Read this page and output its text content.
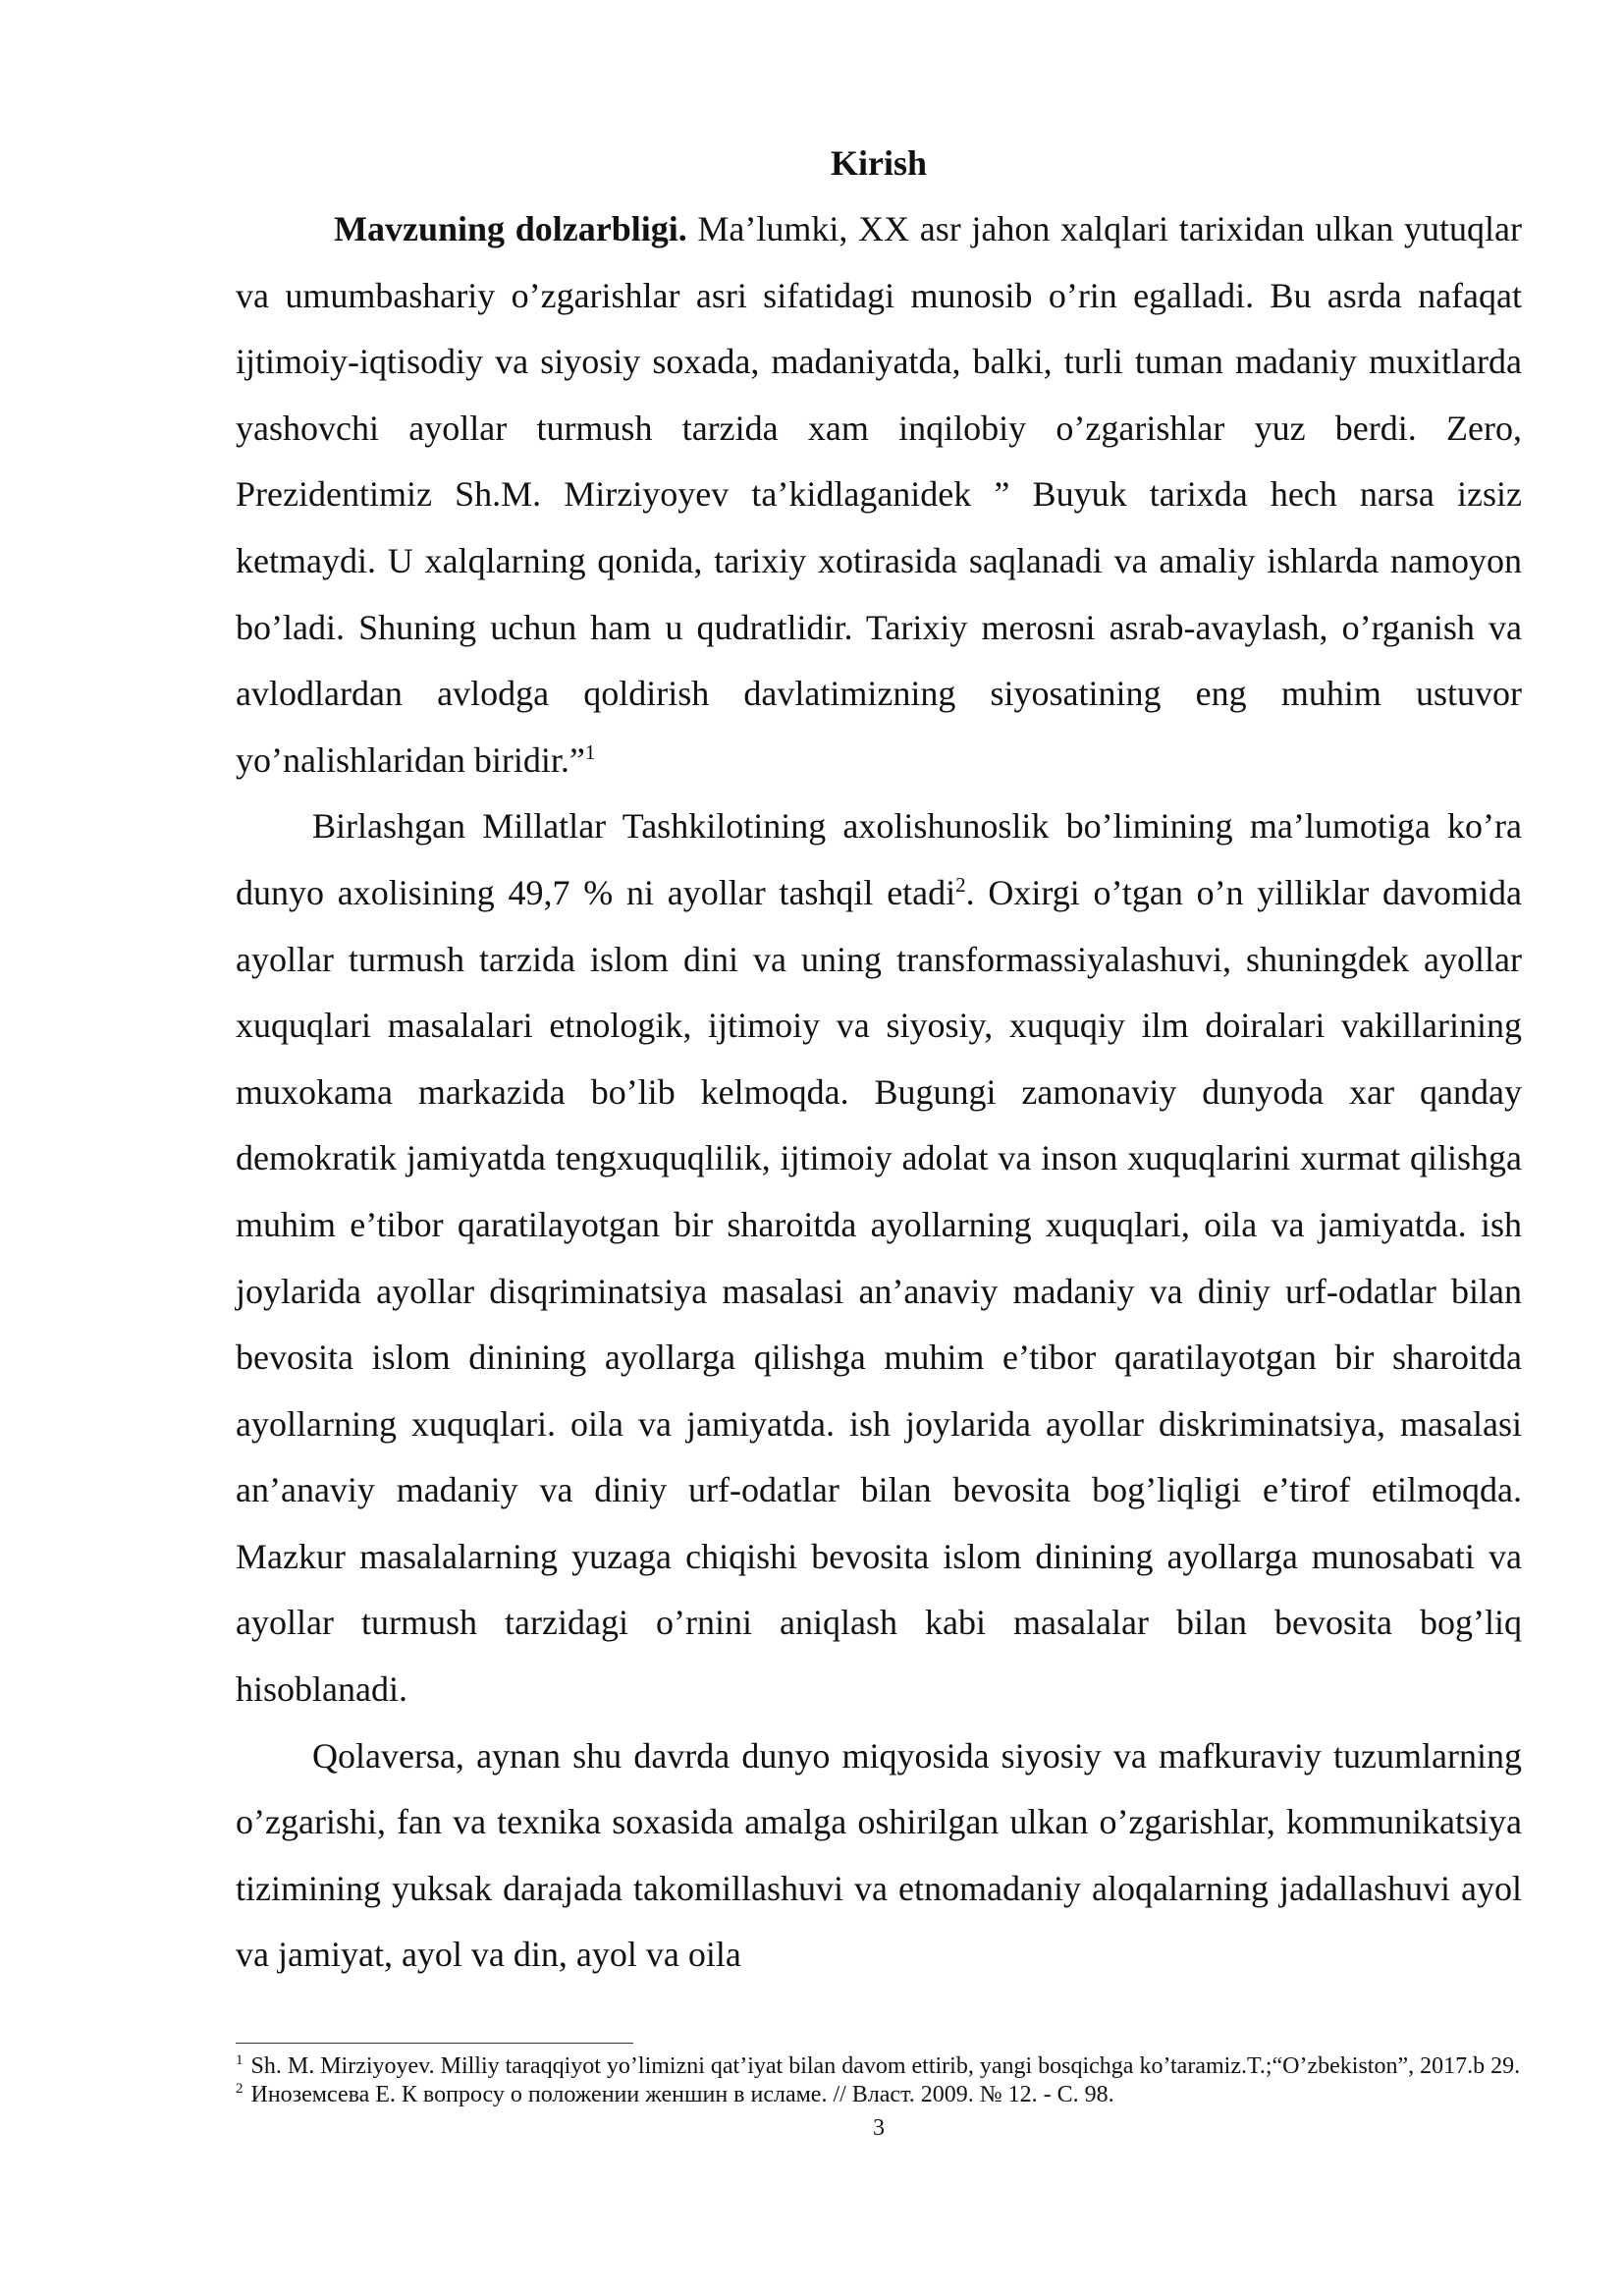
Kirish

Mavzuning dolzarbligi. Ma’lumki, XX asr jahon xalqlari tarixidan ulkan yutuqlar va umumbashariy o’zgarishlar asri sifatidagi munosib o’rin egalladi. Bu asrda nafaqat ijtimoiy-iqtisodiy va siyosiy soxada, madaniyatda, balki, turli tuman madaniy muxitlarda yashovchi ayollar turmush tarzida xam inqilobiy o’zgarishlar yuz berdi. Zero, Prezidentimiz Sh.M. Mirziyoyev ta’kidlaganidek ” Buyuk tarixda hech narsa izsiz ketmaydi. U xalqlarning qonida, tarixiy xotirasida saqlanadi va amaliy ishlarda namoyon bo’ladi. Shuning uchun ham u qudratlidir. Tarixiy merosni asrab-avaylash, o’rganish va avlodlardan avlodga qoldirish davlatimizning siyosatining eng muhim ustuvor yo’nalishlaridan biridir.”$^1$

Birlashgan Millatlar Tashkilotining axolishunoslik bo’limining ma’lumotiga ko’ra dunyo axolisining 49,7 % ni ayollar tashqil etadi$^2$. Oxirgi o’tgan o’n yilliklar davomida ayollar turmush tarzida islom dini va uning transformassiyalashuvi, shuningdek ayollar xuquqlari masalalari etnologik, ijtimoiy va siyosiy, xuquqiy ilm doiralari vakillarining muxokama markazida bo’lib kelmoqda. Bugungi zamonaviy dunyoda xar qanday demokratik jamiyatda tengxuquqlilik, ijtimoiy adolat va inson xuquqlarini xurmat qilishga muhim e’tibor qaratilayotgan bir sharoitda ayollarning xuquqlari, oila va jamiyatda. ish joylarida ayollar disqriminatsiya masalasi an’anaviy madaniy va diniy urf-odatlar bilan bevosita islom dinining ayollarga qilishga muhim e’tibor qaratilayotgan bir sharoitda ayollarning xuquqlari. oila va jamiyatda. ish joylarida ayollar diskriminatsiya, masalasi an’anaviy madaniy va diniy urf-odatlar bilan bevosita bog’liqligi e’tirof etilmoqda. Mazkur masalalarning yuzaga chiqishi bevosita islom dinining ayollarga munosabati va ayollar turmush tarzidagi o’rnini aniqlash kabi masalalar bilan bevosita bog’liq hisoblanadi.

Qolaversa, aynan shu davrda dunyo miqyosida siyosiy va mafkuraviy tuzumlarning o’zgarishi, fan va texnika soxasida amalga oshirilgan ulkan o’zgarishlar, kommunikatsiya tizimining yuksak darajada takomillashuvi va etnomadaniy aloqalarning jadallashuvi ayol va jamiyat, ayol va din, ayol va oila

$^1$ Sh. M. Mirziyoyev. Milliy taraqqiyot yo’limizni qat’iyat bilan davom ettirib, yangi bosqichga ko’taramiz.T.;“O’zbekiston”, 2017.b 29.

$^2$ Иноземсева Е. К вопросу о положении женшин в исламе. // Власт. 2009. № 12. - С. 98.

3
